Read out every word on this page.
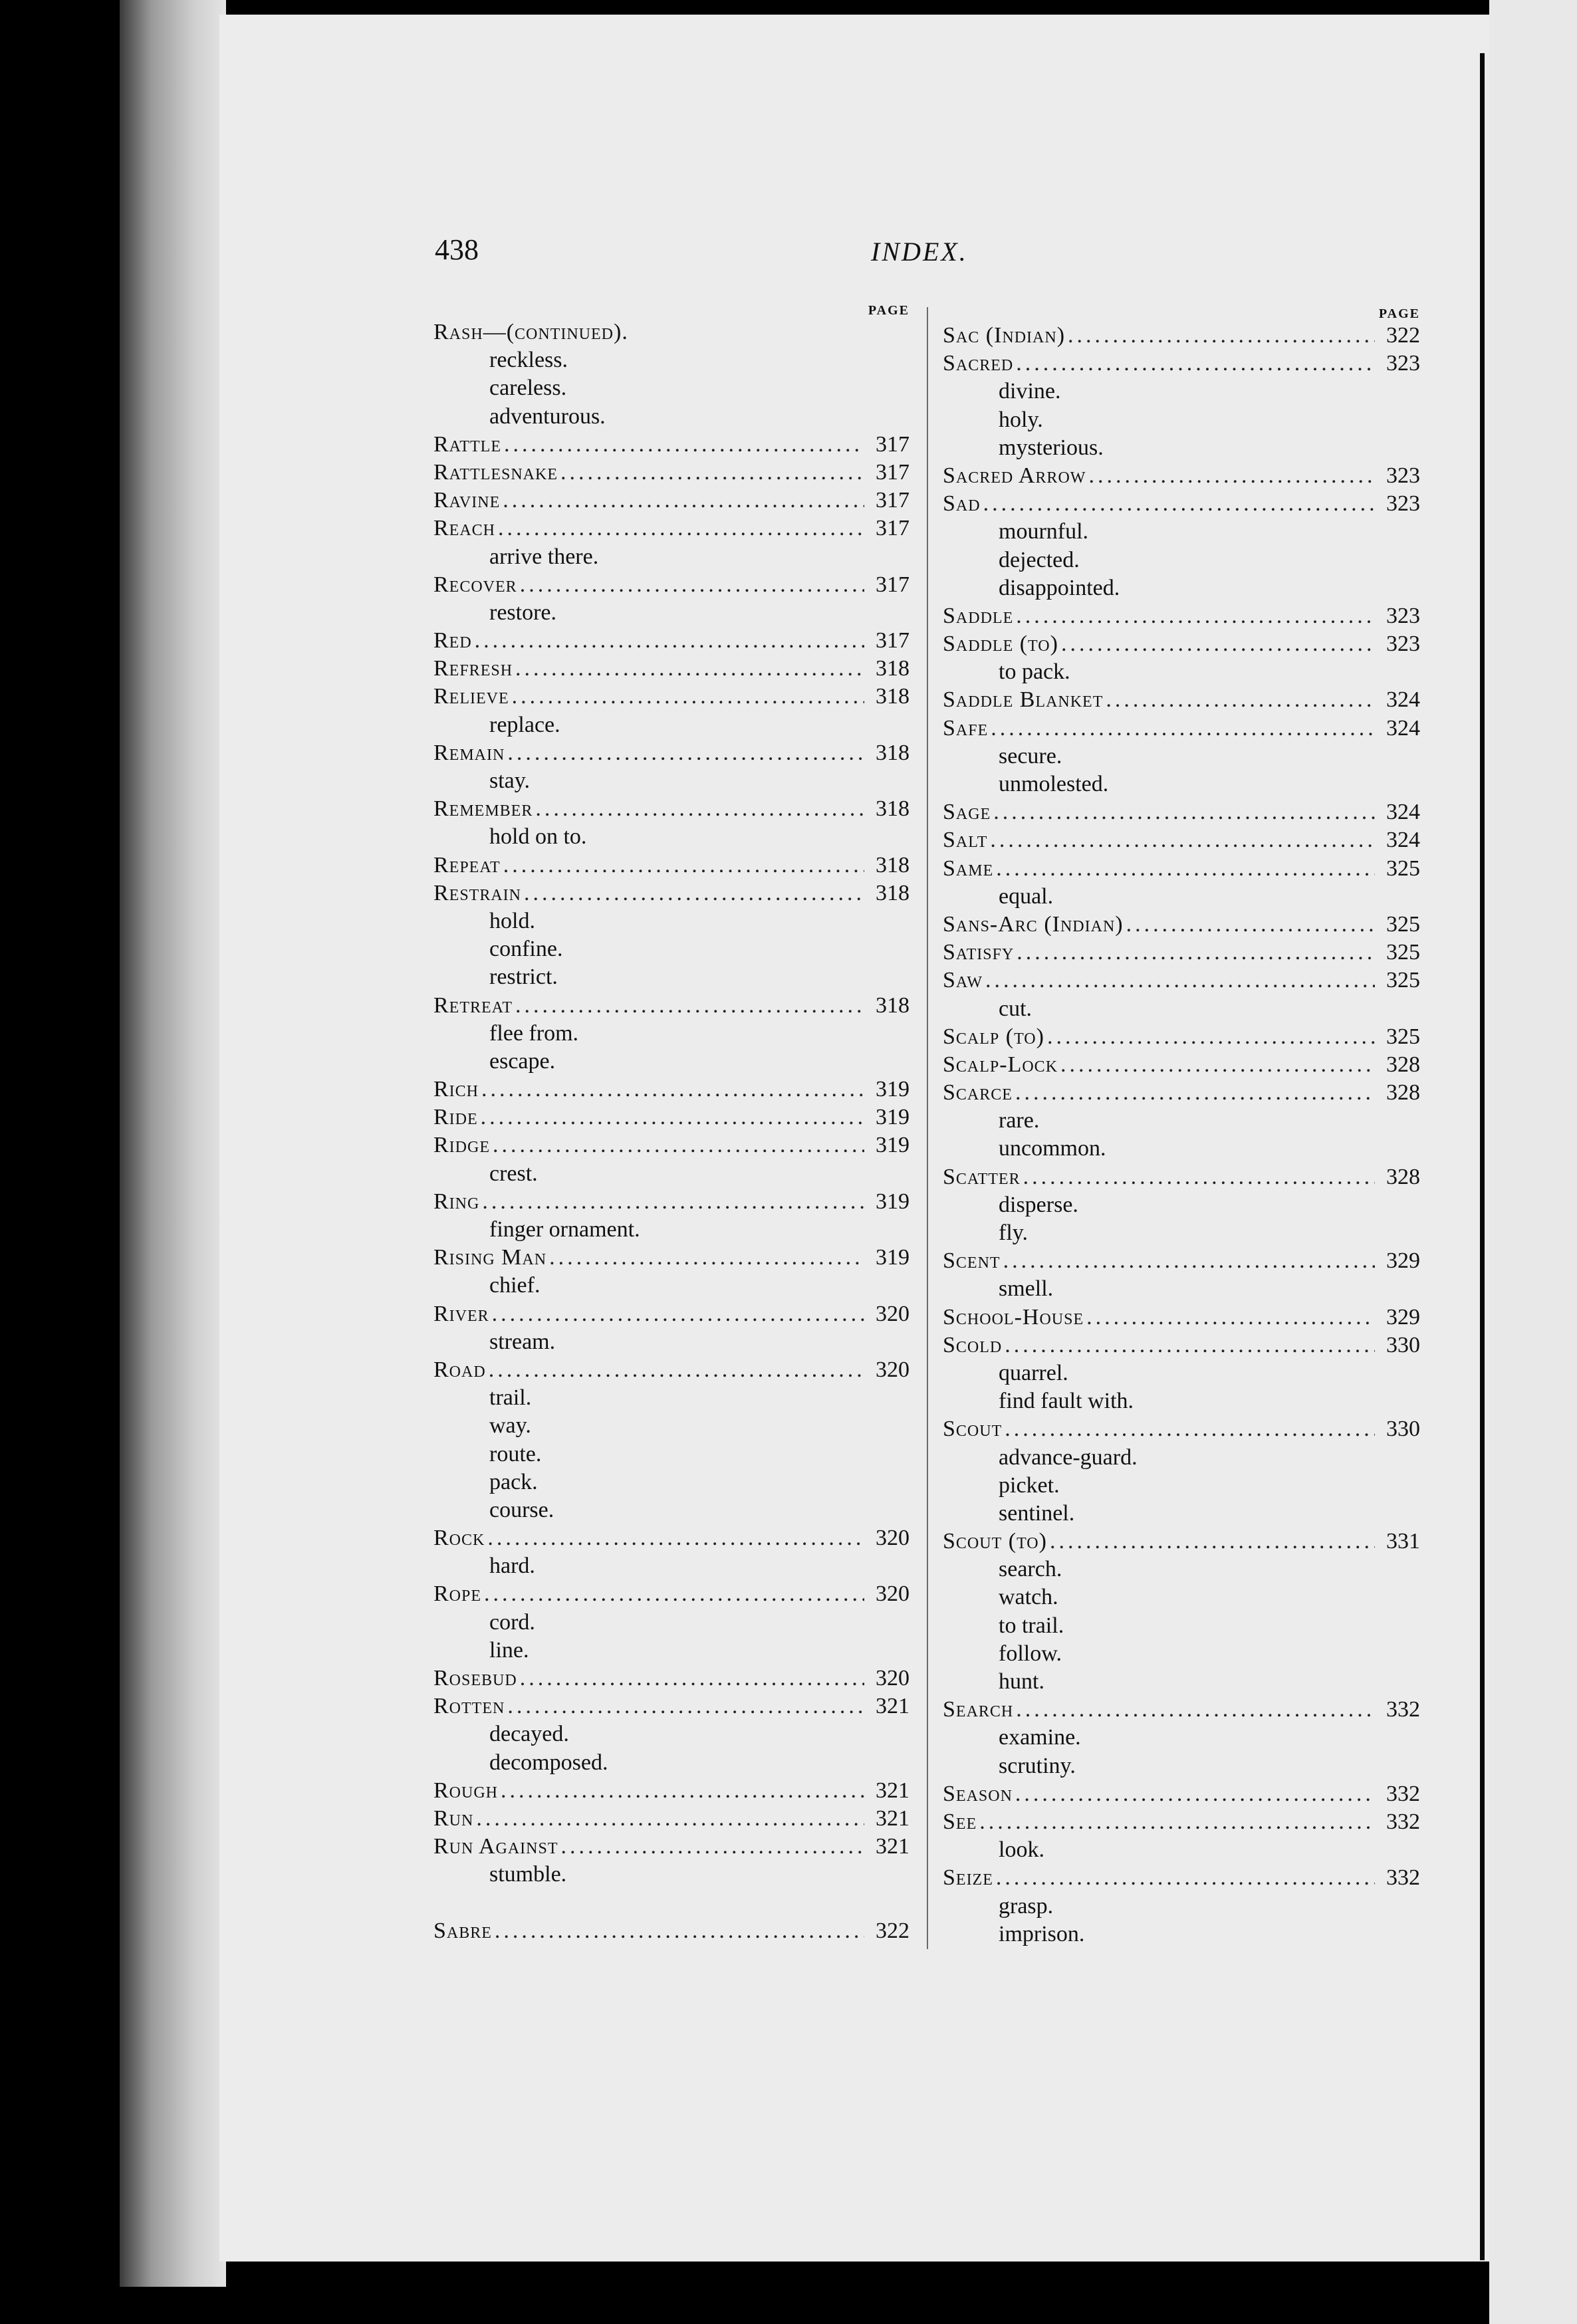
438	INDEX.
PAGE
Rash—(continued).
reckless.
careless.
adventurous.
Rattle .....	317
Rattlesnake .....	317
Ravine .....	317
Reach .....	317
arrive there.
Recover .....	317
restore.
Red .....	317
Refresh .....	318
Relieve .....	318
replace.
Remain .....	318
stay.
Remember .....	318
hold on to.
Repeat .....	318
Restrain .....	318
hold.
confine.
restrict.
Retreat .....	318
flee from.
escape.
Rich .....	319
Ride .....	319
Ridge .....	319
crest.
Ring .....	319
finger ornament.
Rising Man .....	319
chief.
River .....	320
stream.
Road .....	320
trail.
way.
route.
pack.
course.
Rock .....	320
hard.
Rope .....	320
cord.
line.
Rosebud .....	320
Rotten .....	321
decayed.
decomposed.
Rough .....	321
Run .....	321
Run Against .....	321
stumble.
Sabre .....	322
PAGE
Sac (Indian) .....	322
Sacred .....	323
divine.
holy.
mysterious.
Sacred Arrow .....	323
Sad .....	323
mournful.
dejected.
disappointed.
Saddle .....	323
Saddle (to) .....	323
to pack.
Saddle Blanket .....	324
Safe .....	324
secure.
unmolested.
Sage .....	324
Salt .....	324
Same .....	325
equal.
Sans-Arc (Indian) .....	325
Satisfy .....	325
Saw .....	325
cut.
Scalp (to) .....	325
Scalp-Lock .....	328
Scarce .....	328
rare.
uncommon.
Scatter .....	328
disperse.
fly.
Scent .....	329
smell.
School-House .....	329
Scold .....	330
quarrel.
find fault with.
Scout .....	330
advance-guard.
picket.
sentinel.
Scout (to) .....	331
search.
watch.
to trail.
follow.
hunt.
Search .....	332
examine.
scrutiny.
Season .....	332
See .....	332
look.
Seize .....	332
grasp.
imprison.
